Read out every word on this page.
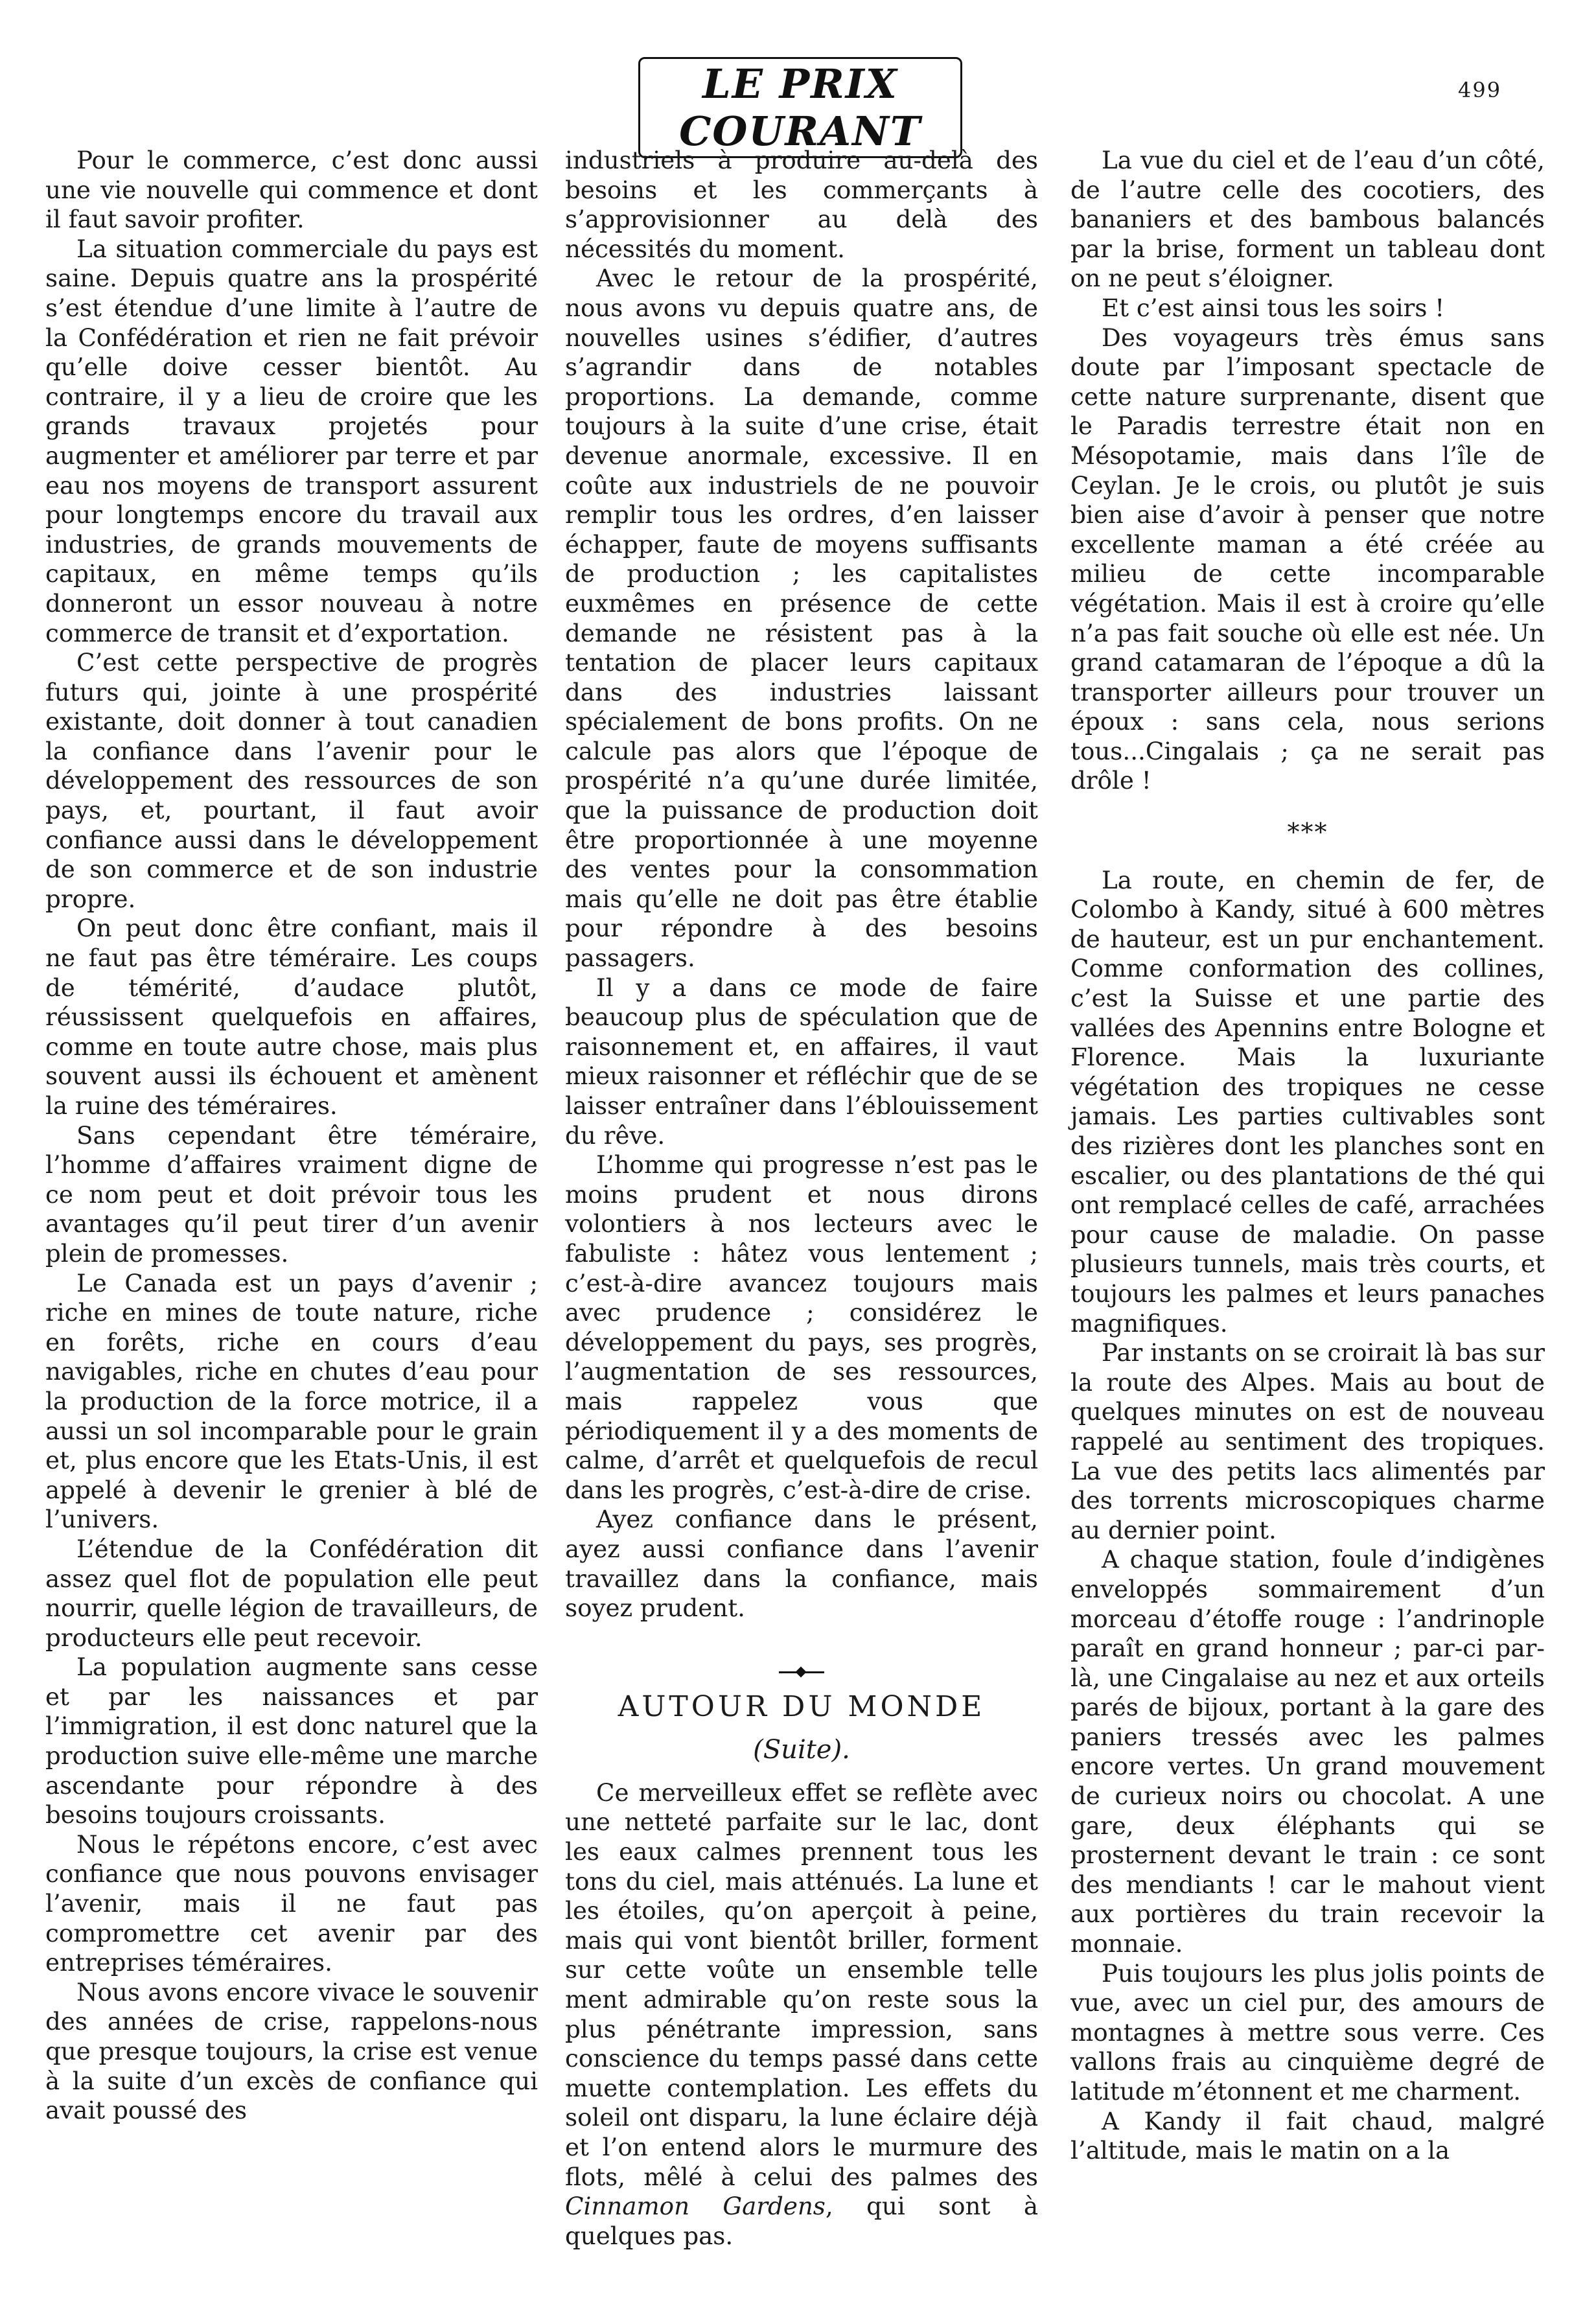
LE PRIX COURANT
499

Pour le commerce, c’est donc aussi une vie nouvelle qui commence et dont il faut savoir profiter.

La situation commerciale du pays est saine. Depuis quatre ans la prospérité s’est étendue d’une limite à l’autre de la Confédération et rien ne fait prévoir qu’elle doive cesser bientôt. Au contraire, il y a lieu de croire que les grands travaux projetés pour augmenter et améliorer par terre et par eau nos moyens de transport assurent pour longtemps encore du travail aux industries, de grands mouvements de capitaux, en même temps qu’ils donneront un essor nouveau à notre commerce de transit et d’exportation.

C’est cette perspective de progrès futurs qui, jointe à une prospérité existante, doit donner à tout canadien la confiance dans l’avenir pour le développement des ressources de son pays, et, pourtant, il faut avoir confiance aussi dans le développement de son commerce et de son industrie propre.

On peut donc être confiant, mais il ne faut pas être téméraire. Les coups de témérité, d’audace plutôt, réussissent quelquefois en affaires, comme en toute autre chose, mais plus souvent aussi ils échouent et amènent la ruine des téméraires.

Sans cependant être téméraire, l’homme d’affaires vraiment digne de ce nom peut et doit prévoir tous les avantages qu’il peut tirer d’un avenir plein de promesses.

Le Canada est un pays d’avenir ; riche en mines de toute nature, riche en forêts, riche en cours d’eau navigables, riche en chutes d’eau pour la production de la force motrice, il a aussi un sol incomparable pour le grain et, plus encore que les Etats-Unis, il est appelé à devenir le grenier à blé de l’univers.

L’étendue de la Confédération dit assez quel flot de population elle peut nourrir, quelle légion de travailleurs, de producteurs elle peut recevoir.

La population augmente sans cesse et par les naissances et par l’immigration, il est donc naturel que la production suive elle-même une marche ascendante pour répondre à des besoins toujours croissants.

Nous le répétons encore, c’est avec confiance que nous pouvons envisager l’avenir, mais il ne faut pas compromettre cet avenir par des entreprises téméraires.

Nous avons encore vivace le souvenir des années de crise, rappelons-nous que presque toujours, la crise est venue à la suite d’un excès de confiance qui avait poussé des

industriels à produire au-delà des besoins et les commerçants à s’approvisionner au delà des nécessités du moment.

Avec le retour de la prospérité, nous avons vu depuis quatre ans, de nouvelles usines s’édifier, d’autres s’agrandir dans de notables proportions. La demande, comme toujours à la suite d’une crise, était devenue anormale, excessive. Il en coûte aux industriels de ne pouvoir remplir tous les ordres, d’en laisser échapper, faute de moyens suffisants de production ; les capitalistes euxmêmes en présence de cette demande ne résistent pas à la tentation de placer leurs capitaux dans des industries laissant spécialement de bons profits. On ne calcule pas alors que l’époque de prospérité n’a qu’une durée limitée, que la puissance de production doit être proportionnée à une moyenne des ventes pour la consommation mais qu’elle ne doit pas être établie pour répondre à des besoins passagers.

Il y a dans ce mode de faire beaucoup plus de spéculation que de raisonnement et, en affaires, il vaut mieux raisonner et réfléchir que de se laisser entraîner dans l’éblouissement du rêve.

L’homme qui progresse n’est pas le moins prudent et nous dirons volontiers à nos lecteurs avec le fabuliste : hâtez vous lentement ; c’est-à-dire avancez toujours mais avec prudence ; considérez le développement du pays, ses progrès, l’augmentation de ses ressources, mais rappelez vous que périodiquement il y a des moments de calme, d’arrêt et quelquefois de recul dans les progrès, c’est-à-dire de crise.

Ayez confiance dans le présent, ayez aussi confiance dans l’avenir travaillez dans la confiance, mais soyez prudent.

AUTOUR DU MONDE
(Suite).

Ce merveilleux effet se reflète avec une netteté parfaite sur le lac, dont les eaux calmes prennent tous les tons du ciel, mais atténués. La lune et les étoiles, qu’on aperçoit à peine, mais qui vont bientôt briller, forment sur cette voûte un ensemble telle ment admirable qu’on reste sous la plus pénétrante impression, sans conscience du temps passé dans cette muette contemplation. Les effets du soleil ont disparu, la lune éclaire déjà et l’on entend alors le murmure des flots, mêlé à celui des palmes des Cinnamon Gardens, qui sont à quelques pas.

La vue du ciel et de l’eau d’un côté, de l’autre celle des cocotiers, des bananiers et des bambous balancés par la brise, forment un tableau dont on ne peut s’éloigner.

Et c’est ainsi tous les soirs !

Des voyageurs très émus sans doute par l’imposant spectacle de cette nature surprenante, disent que le Paradis terrestre était non en Mésopotamie, mais dans l’île de Ceylan. Je le crois, ou plutôt je suis bien aise d’avoir à penser que notre excellente maman a été créée au milieu de cette incomparable végétation. Mais il est à croire qu’elle n’a pas fait souche où elle est née. Un grand catamaran de l’époque a dû la transporter ailleurs pour trouver un époux : sans cela, nous serions tous...Cingalais ; ça ne serait pas drôle !

***

La route, en chemin de fer, de Colombo à Kandy, situé à 600 mètres de hauteur, est un pur enchantement. Comme conformation des collines, c’est la Suisse et une partie des vallées des Apennins entre Bologne et Florence. Mais la luxuriante végétation des tropiques ne cesse jamais. Les parties cultivables sont des rizières dont les planches sont en escalier, ou des plantations de thé qui ont remplacé celles de café, arrachées pour cause de maladie. On passe plusieurs tunnels, mais très courts, et toujours les palmes et leurs panaches magnifiques.

Par instants on se croirait là bas sur la route des Alpes. Mais au bout de quelques minutes on est de nouveau rappelé au sentiment des tropiques. La vue des petits lacs alimentés par des torrents microscopiques charme au dernier point.

A chaque station, foule d’indigènes enveloppés sommairement d’un morceau d’étoffe rouge : l’andrinople paraît en grand honneur ; par-ci par-là, une Cingalaise au nez et aux orteils parés de bijoux, portant à la gare des paniers tressés avec les palmes encore vertes. Un grand mouvement de curieux noirs ou chocolat. A une gare, deux éléphants qui se prosternent devant le train : ce sont des mendiants ! car le mahout vient aux portières du train recevoir la monnaie.

Puis toujours les plus jolis points de vue, avec un ciel pur, des amours de montagnes à mettre sous verre. Ces vallons frais au cinquième degré de latitude m’étonnent et me charment.

A Kandy il fait chaud, malgré l’altitude, mais le matin on a la
